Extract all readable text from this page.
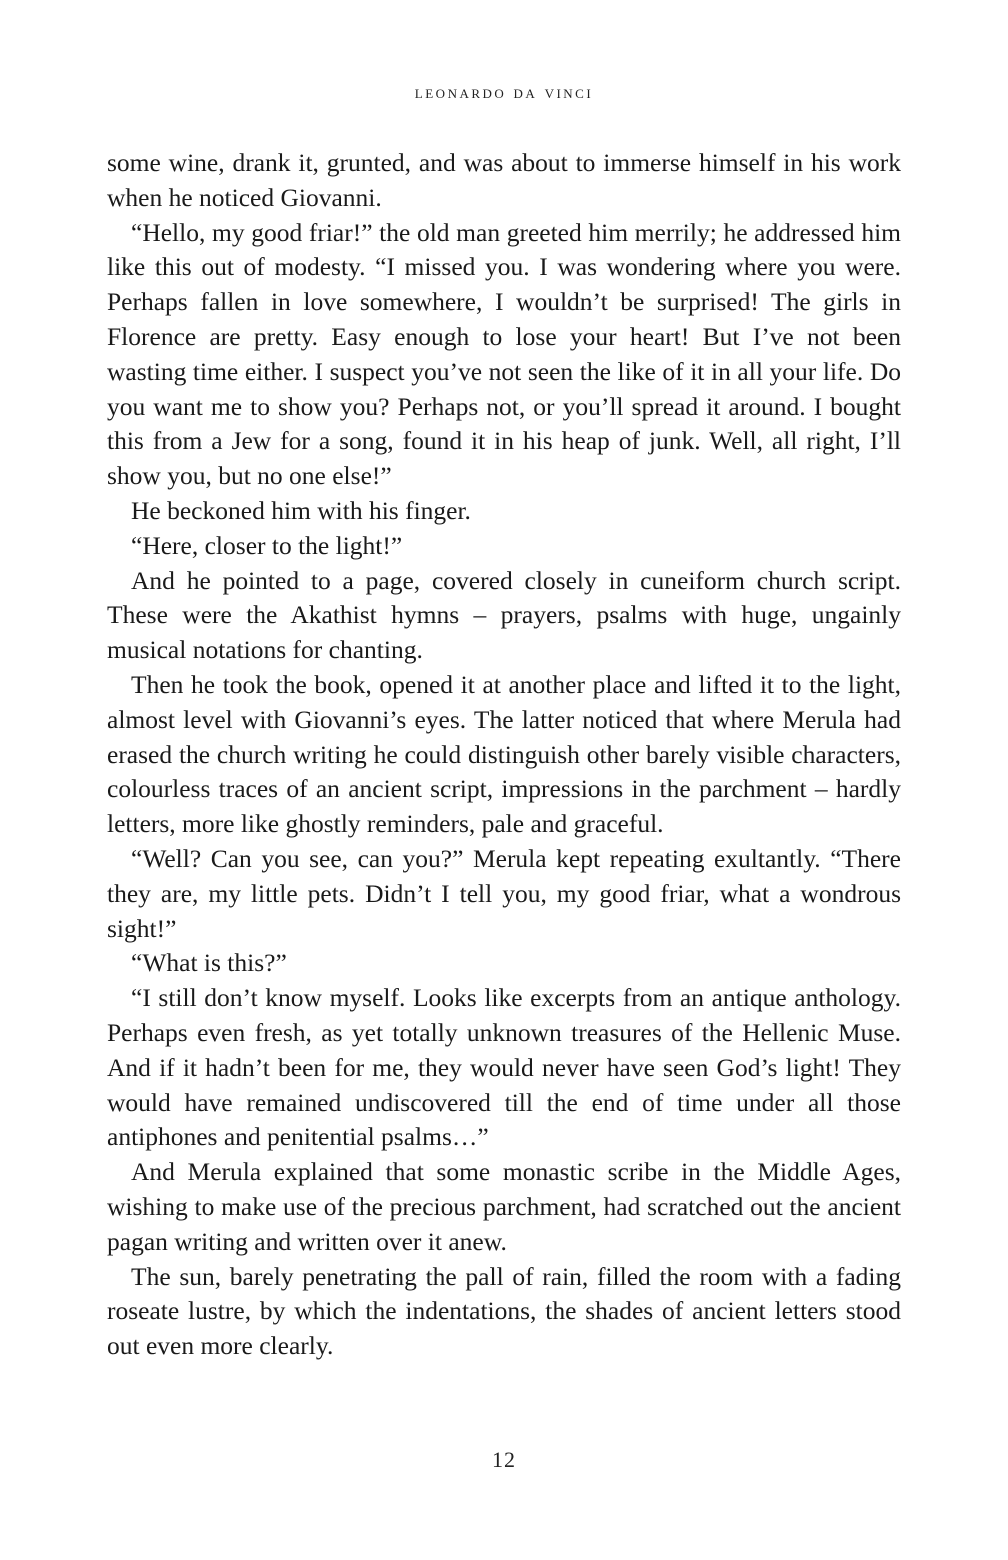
leonardo da vinci

some wine, drank it, grunted, and was about to immerse himself in his work when he noticed Giovanni.

“Hello, my good friar!” the old man greeted him merrily; he addressed him like this out of modesty. “I missed you. I was wondering where you were. Perhaps fallen in love somewhere, I wouldn’t be surprised! The girls in Florence are pretty. Easy enough to lose your heart! But I’ve not been wasting time either. I suspect you’ve not seen the like of it in all your life. Do you want me to show you? Perhaps not, or you’ll spread it around. I bought this from a Jew for a song, found it in his heap of junk. Well, all right, I’ll show you, but no one else!”

He beckoned him with his finger.

“Here, closer to the light!”

And he pointed to a page, covered closely in cuneiform church script. These were the Akathist hymns – prayers, psalms with huge, ungainly musical notations for chanting.

Then he took the book, opened it at another place and lifted it to the light, almost level with Giovanni’s eyes. The latter noticed that where Merula had erased the church writing he could distinguish other barely visible characters, colourless traces of an ancient script, impressions in the parchment – hardly letters, more like ghostly reminders, pale and graceful.

“Well? Can you see, can you?” Merula kept repeating exultantly. “There they are, my little pets. Didn’t I tell you, my good friar, what a wondrous sight!”

“What is this?”

“I still don’t know myself. Looks like excerpts from an antique anthology. Perhaps even fresh, as yet totally unknown treasures of the Hellenic Muse. And if it hadn’t been for me, they would never have seen God’s light! They would have remained undiscovered till the end of time under all those antiphones and penitential psalms…”

And Merula explained that some monastic scribe in the Middle Ages, wishing to make use of the precious parchment, had scratched out the ancient pagan writing and written over it anew.

The sun, barely penetrating the pall of rain, filled the room with a fading roseate lustre, by which the indentations, the shades of ancient letters stood out even more clearly.

12
